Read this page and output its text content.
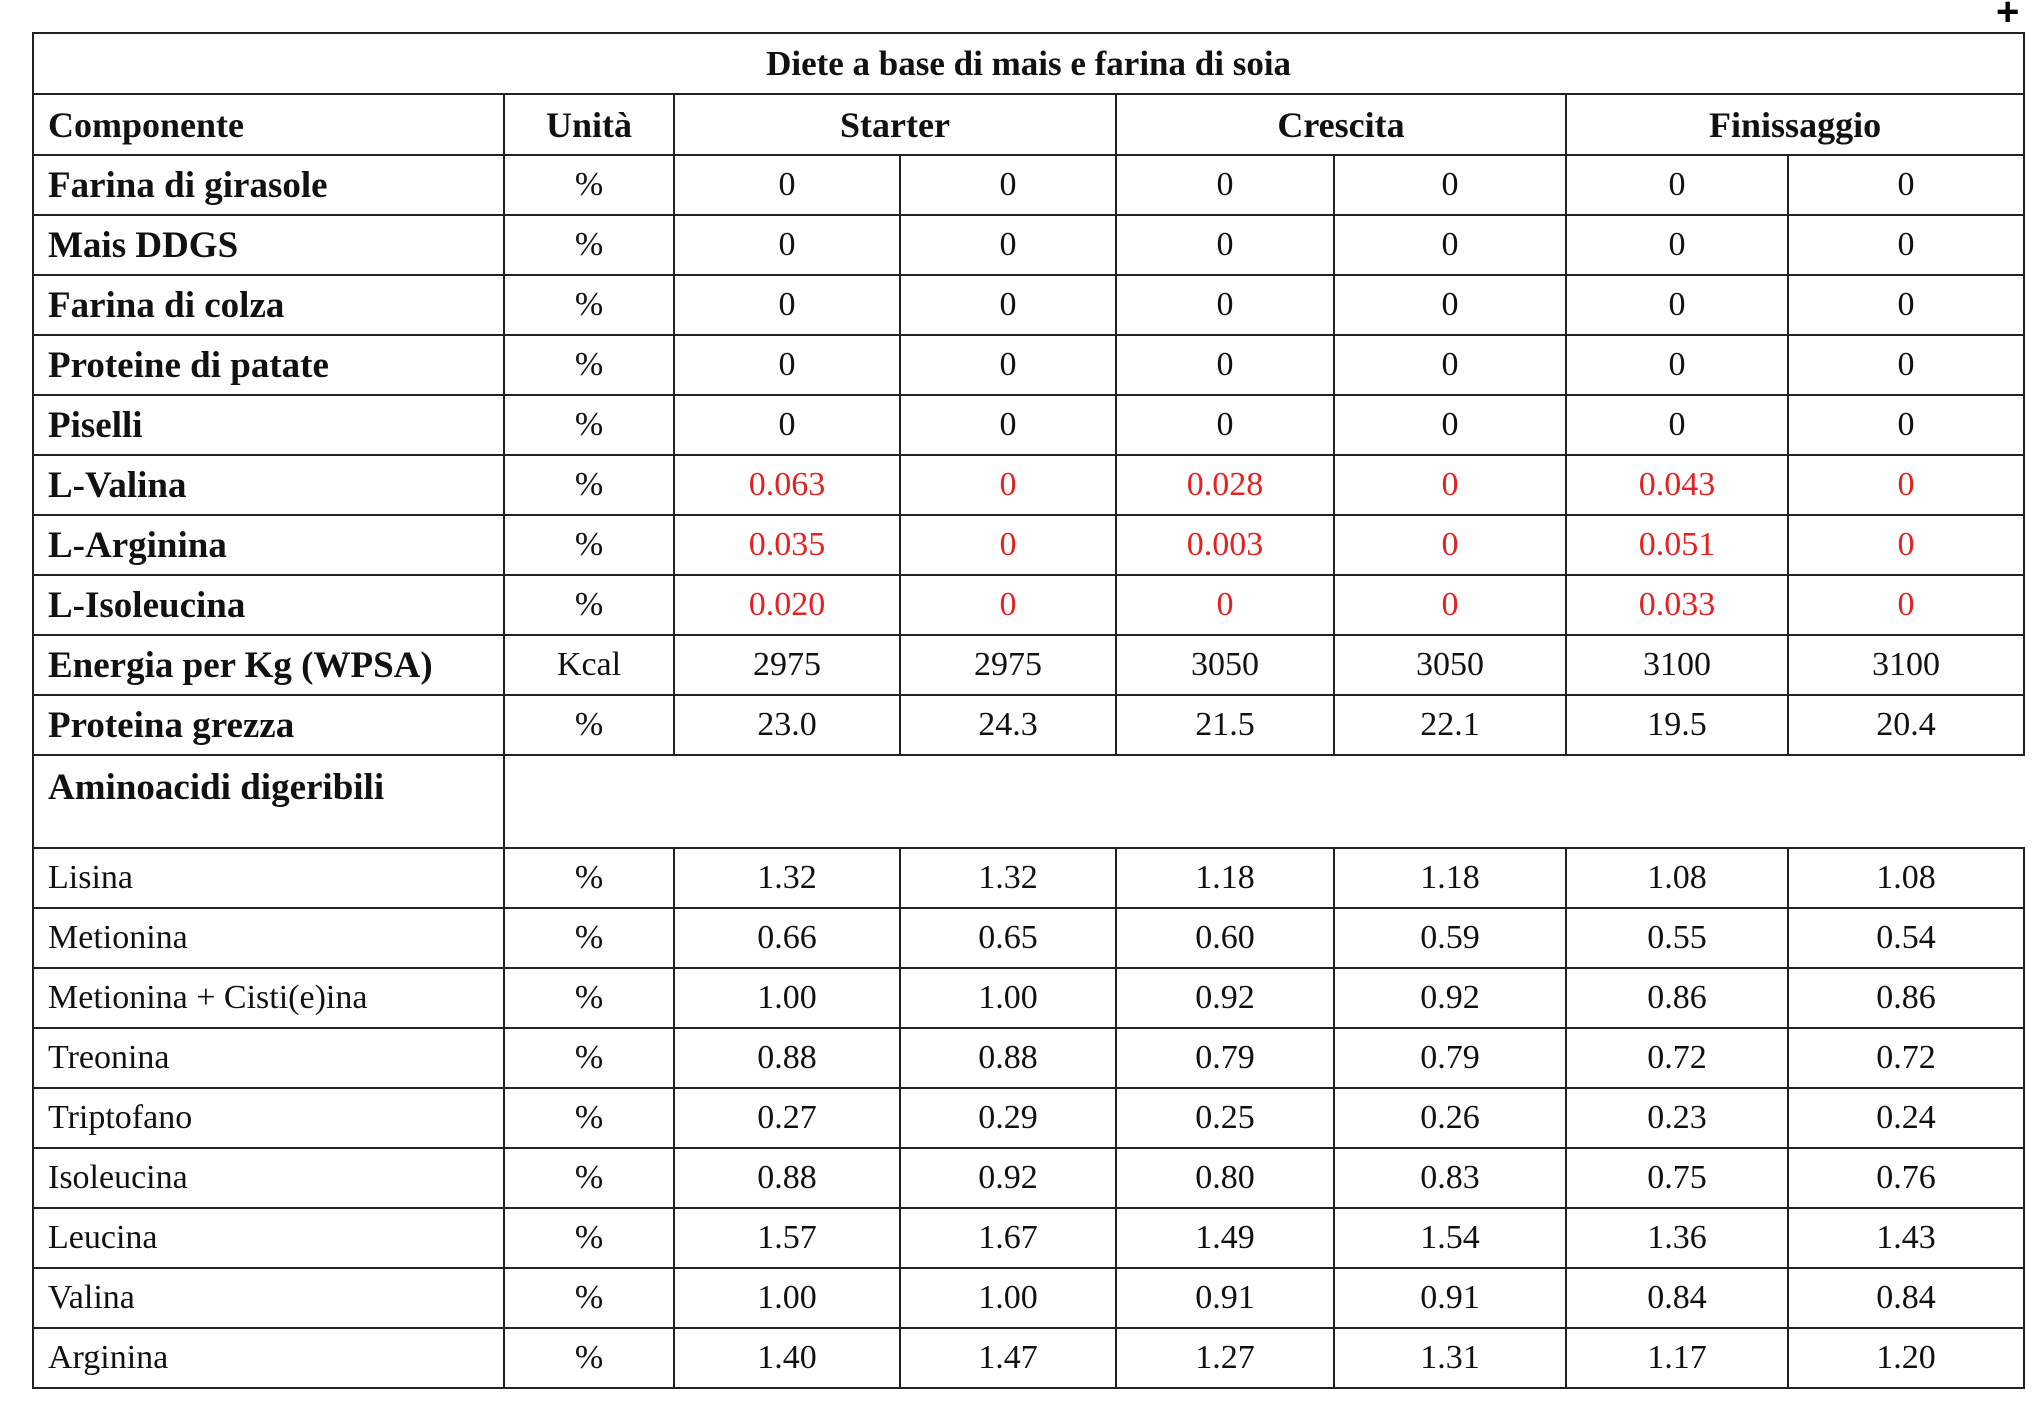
+
Diete a base di mais e farina di soia							
Componente	Unità	Starter		Crescita		Finissaggio	
Farina di girasole	%	0	0	0	0	0	0
Mais DDGS	%	0	0	0	0	0	0
Farina di colza	%	0	0	0	0	0	0
Proteine di patate	%	0	0	0	0	0	0
Piselli	%	0	0	0	0	0	0
L-Valina	%	0.063	0	0.028	0	0.043	0
L-Arginina	%	0.035	0	0.003	0	0.051	0
L-Isoleucina	%	0.020	0	0	0	0.033	0
Energia per Kg (WPSA)	Kcal	2975	2975	3050	3050	3100	3100
Proteina grezza	%	23.0	24.3	21.5	22.1	19.5	20.4
Aminoacidi digeribili							
Lisina	%	1.32	1.32	1.18	1.18	1.08	1.08
Metionina	%	0.66	0.65	0.60	0.59	0.55	0.54
Metionina + Cisti(e)ina	%	1.00	1.00	0.92	0.92	0.86	0.86
Treonina	%	0.88	0.88	0.79	0.79	0.72	0.72
Triptofano	%	0.27	0.29	0.25	0.26	0.23	0.24
Isoleucina	%	0.88	0.92	0.80	0.83	0.75	0.76
Leucina	%	1.57	1.67	1.49	1.54	1.36	1.43
Valina	%	1.00	1.00	0.91	0.91	0.84	0.84
Arginina	%	1.40	1.47	1.27	1.31	1.17	1.20
